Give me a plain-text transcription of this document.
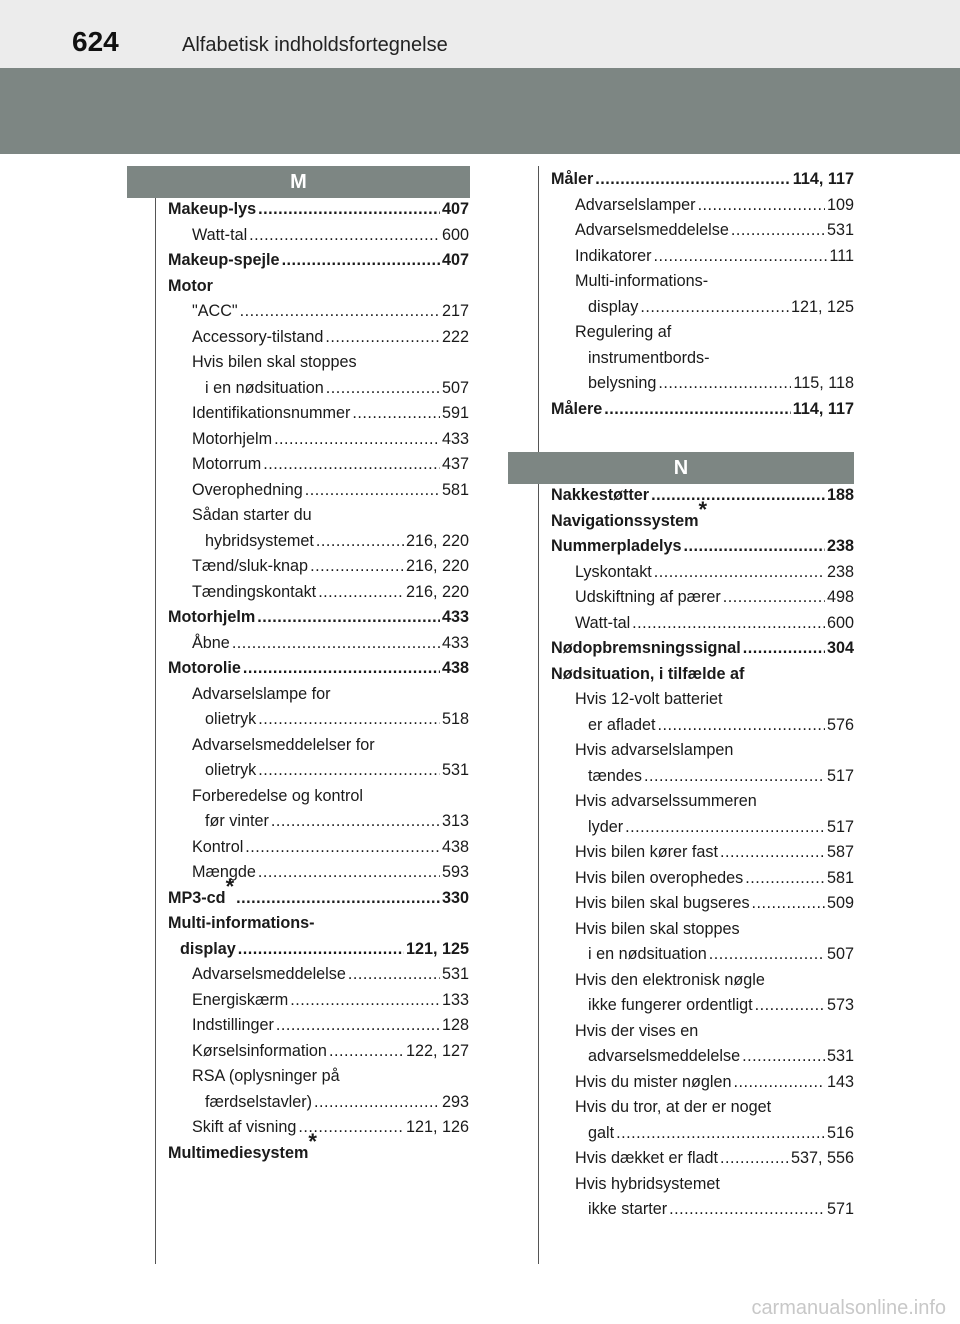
624	Alfabetisk indholdsfortegnelse
M
Makeup-lys .....	407
Watt-tal .....	600
Makeup-spejle .....	407
Motor
"ACC" .....	217
Accessory-tilstand .....	222
Hvis bilen skal stoppes
i en nødsituation .....	507
Identifikationsnummer .....	591
Motorhjelm .....	433
Motorrum .....	437
Overophedning .....	581
Sådan starter du
hybridsystemet .....	216, 220
Tænd/sluk-knap .....	216, 220
Tændingskontakt .....	216, 220
Motorhjelm .....	433
Åbne .....	433
Motorolie .....	438
Advarselslampe for
olietryk .....	518
Advarselsmeddelelser for
olietryk .....	531
Forberedelse og kontrol
før vinter .....	313
Kontrol .....	438
Mængde .....	593
MP3-cd* .....	330
Multi-informations-
display .....	121, 125
Advarselsmeddelelse .....	531
Energiskærm .....	133
Indstillinger .....	128
Kørselsinformation .....	122, 127
RSA (oplysninger på
færdselstavler) .....	293
Skift af visning .....	121, 126
Multimediesystem*
Måler .....	114, 117
Advarselslamper .....	109
Advarselsmeddelelse .....	531
Indikatorer .....	111
Multi-informations-
display .....	121, 125
Regulering af
instrumentbords-
belysning .....	115, 118
Målere .....	114, 117
N
Nakkestøtter .....	188
Navigationssystem*
Nummerpladelys .....	238
Lyskontakt .....	238
Udskiftning af pærer .....	498
Watt-tal .....	600
Nødopbremsningssignal .....	304
Nødsituation, i tilfælde af
Hvis 12-volt batteriet
er afladet .....	576
Hvis advarselslampen
tændes .....	517
Hvis advarselssummeren
lyder .....	517
Hvis bilen kører fast .....	587
Hvis bilen overophedes .....	581
Hvis bilen skal bugseres .....	509
Hvis bilen skal stoppes
i en nødsituation .....	507
Hvis den elektronisk nøgle
ikke fungerer ordentligt .....	573
Hvis der vises en
advarselsmeddelelse .....	531
Hvis du mister nøglen .....	143
Hvis du tror, at der er noget
galt .....	516
Hvis dækket er fladt .....	537, 556
Hvis hybridsystemet
ikke starter .....	571
carmanualsonline.info
